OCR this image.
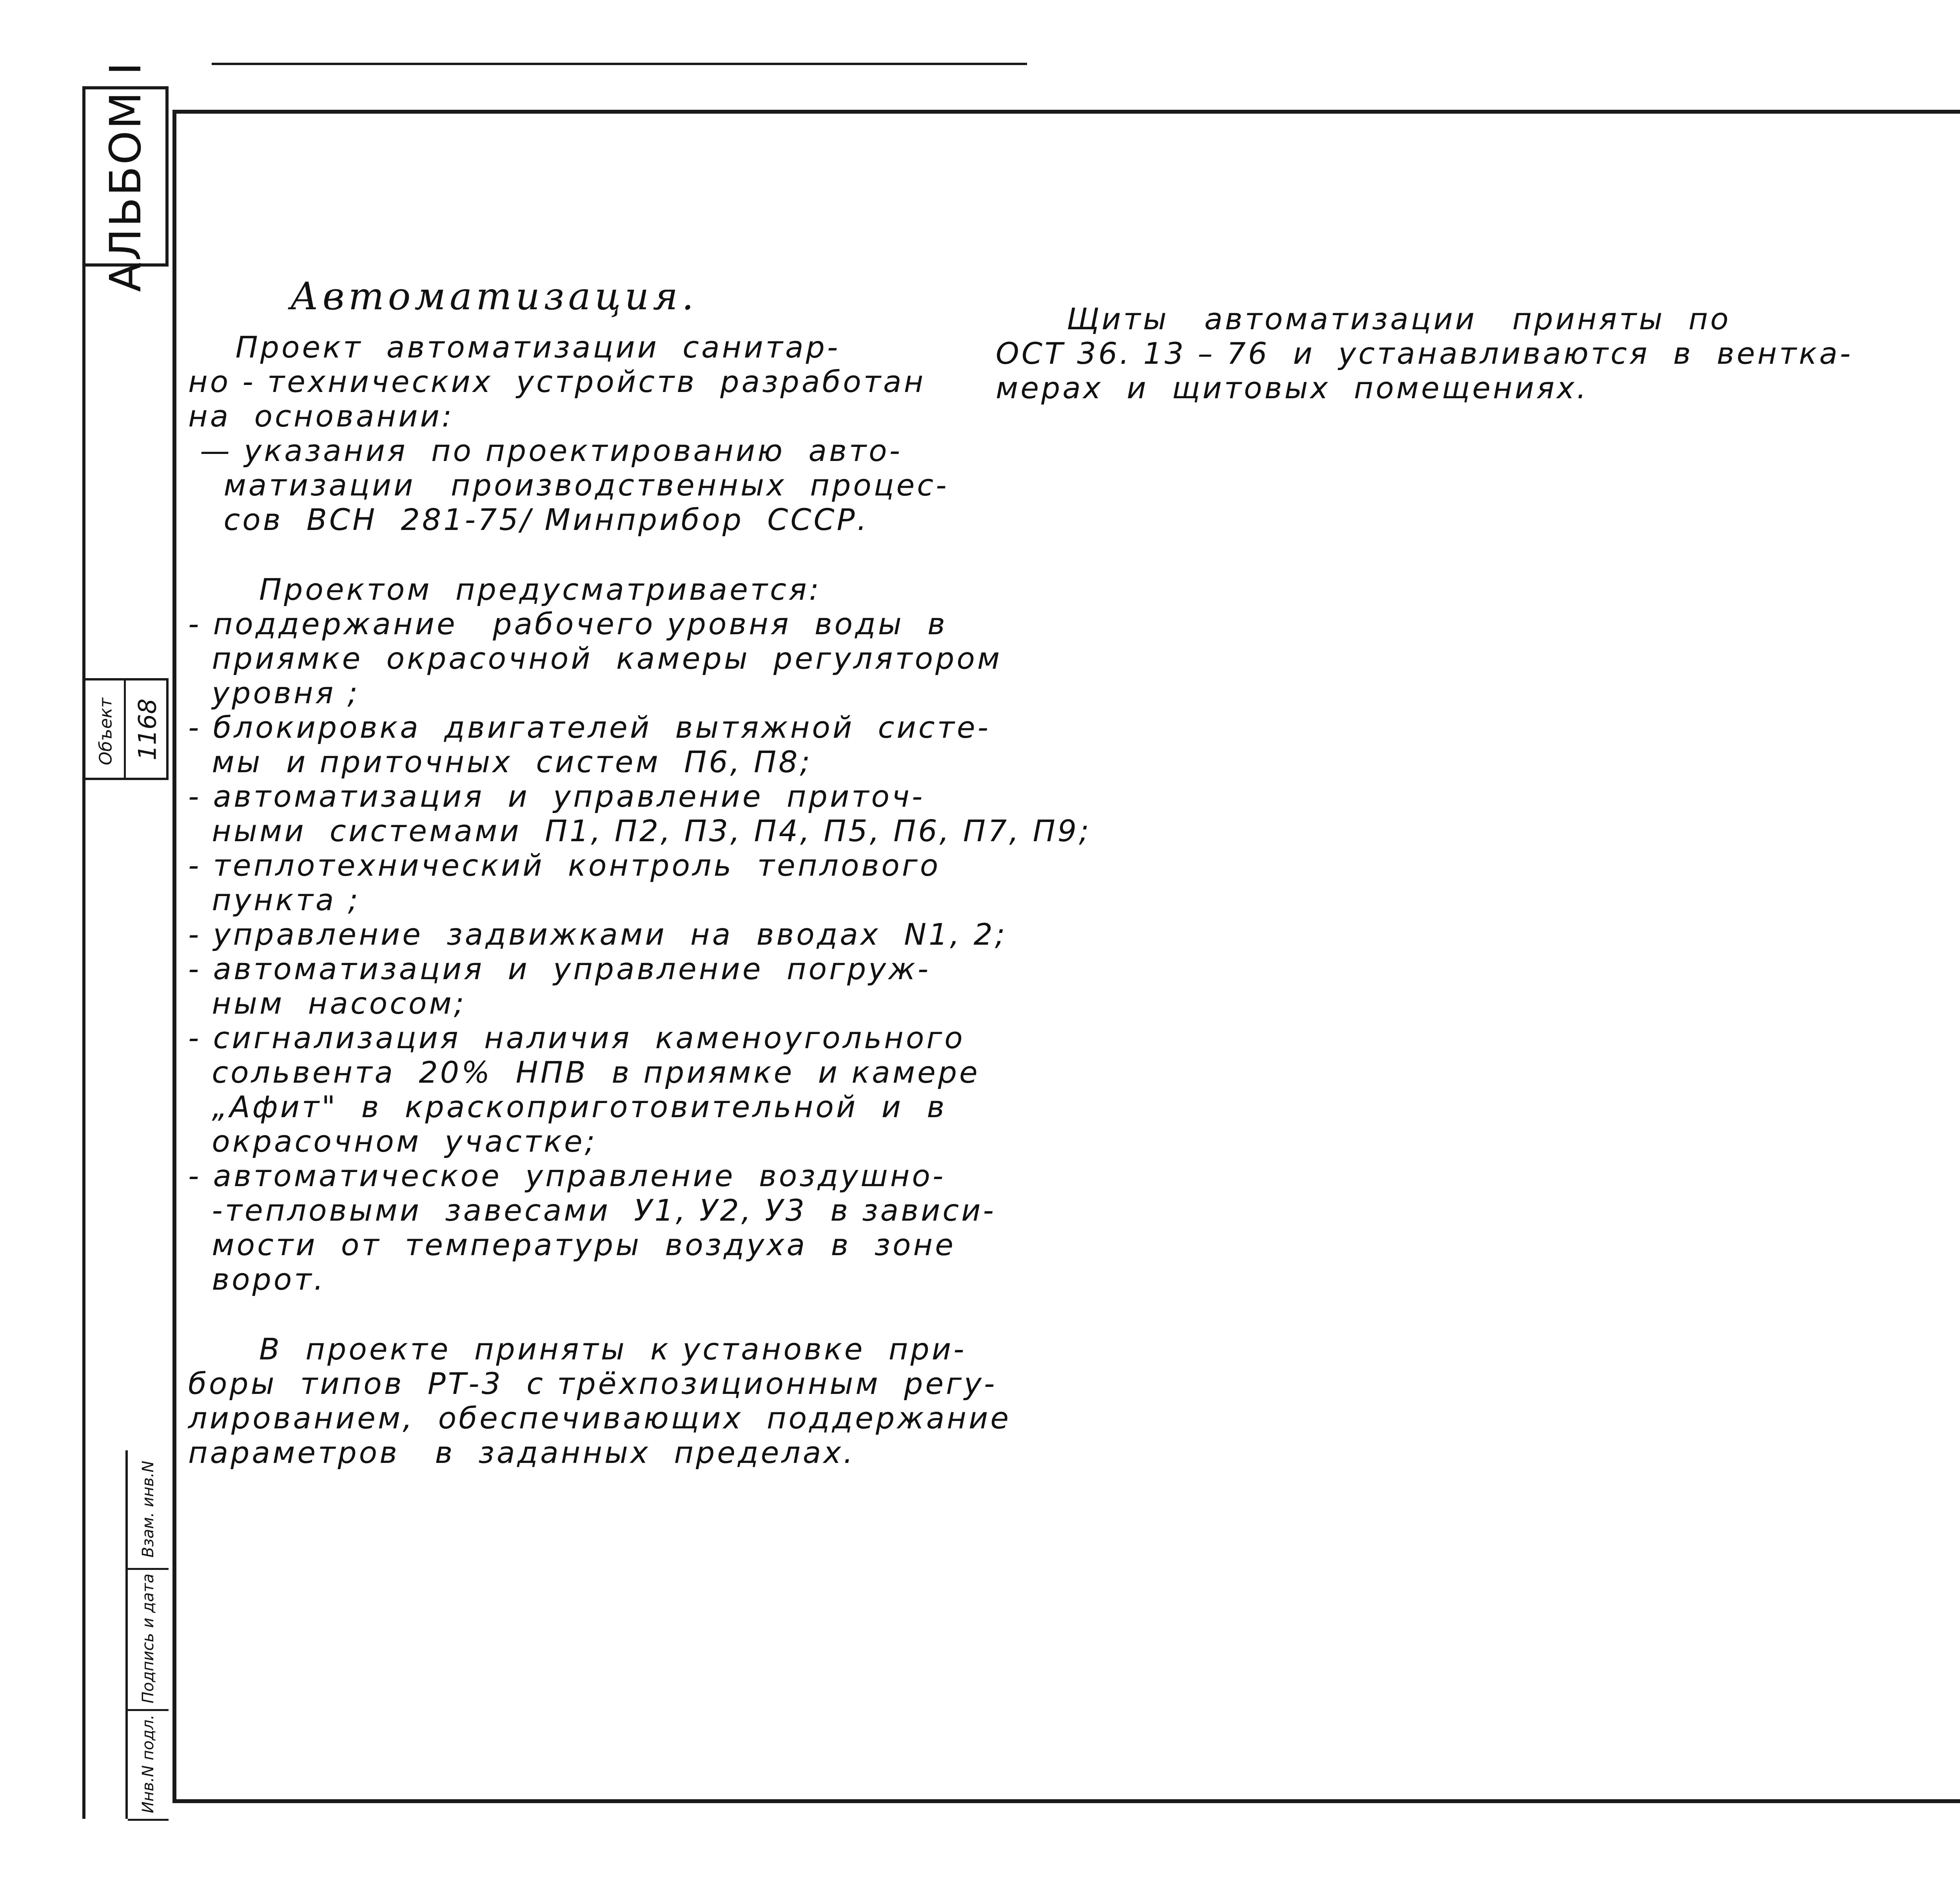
АЛЬБОМ I
Объект 1168
Инв.N подл.
Подпись и дата
Взам. инв.N
Автоматизация.

Проект  автоматизации  санитар-
но - технических  устройств  разработан
на  основании:
— указания  по проектированию  авто-
матизации   производственных  процес-
сов  ВСН  281-75/ Минприбор  СССР.

Проектом  предусматривается:
- поддержание   рабочего уровня  воды  в
приямке  окрасочной  камеры  регулятором
уровня ;
- блокировка  двигателей  вытяжной  систе-
мы  и приточных  систем  П6, П8;
- автоматизация  и  управление  приточ-
ными  системами  П1, П2, П3, П4, П5, П6, П7, П9;
- теплотехнический  контроль  теплового
пункта ;
- управление  задвижками  на  вводах  N1, 2;
- автоматизация  и  управление  погруж-
ным  насосом;
- сигнализация  наличия  каменоугольного
сольвента  20%  НПВ  в приямке  и камере
„Афит"  в  краскоприготовительной  и  в
окрасочном  участке;
- автоматическое  управление  воздушно-
-тепловыми  завесами  У1, У2, У3  в зависи-
мости  от  температуры  воздуха  в  зоне
ворот.

В  проекте  приняты  к установке  при-
боры  типов  РТ-3  с трёхпозиционным  регу-
лированием,  обеспечивающих  поддержание
параметров   в  заданных  пределах.

Щиты   автоматизации   приняты  по
ОСТ 36. 13 – 76  и  устанавливаются  в  вентка-
мерах  и  щитовых  помещениях.
